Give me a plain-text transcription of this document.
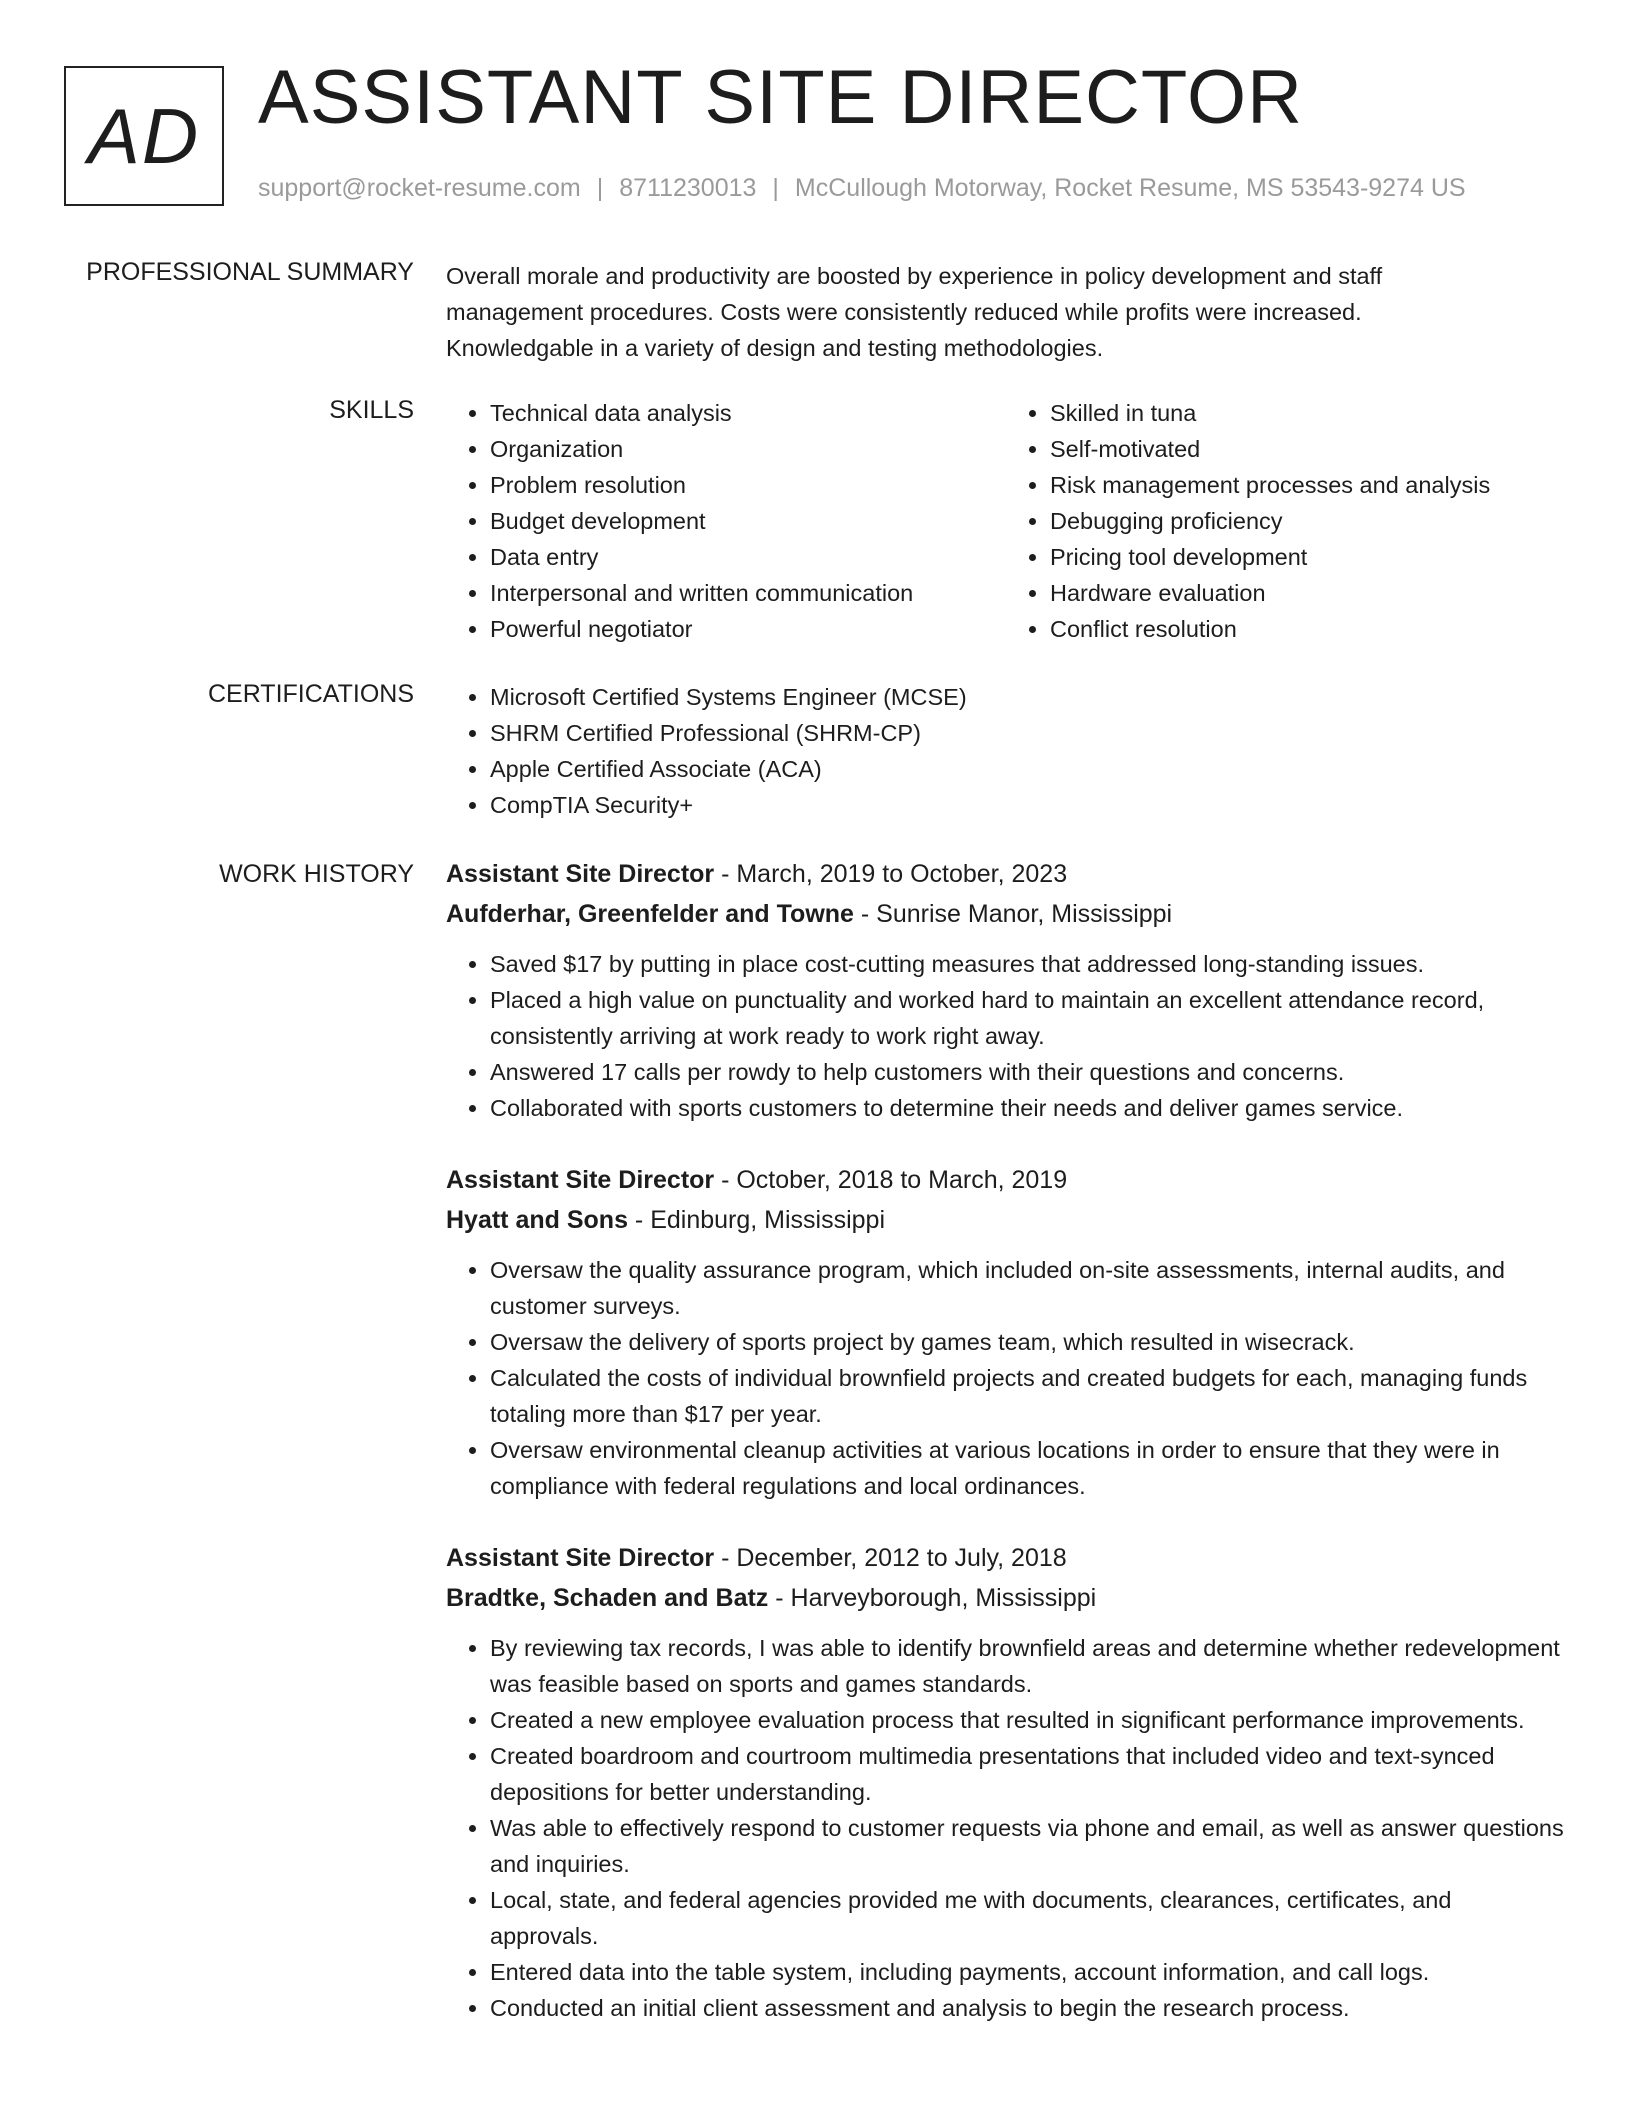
AD ASSISTANT SITE DIRECTOR
support@rocket-resume.com | 8711230013 | McCullough Motorway, Rocket Resume, MS 53543-9274 US
PROFESSIONAL SUMMARY Overall morale and productivity are boosted by experience in policy development and staff management procedures. Costs were consistently reduced while profits were increased. Knowledgable in a variety of design and testing methodologies.
SKILLS	• Technical data analysis
• Organization
• Problem resolution
• Budget development
• Data entry
• Interpersonal and written communication
• Powerful negotiator
• Skilled in tuna
• Self-motivated
• Risk management processes and analysis
• Debugging proficiency
• Pricing tool development
• Hardware evaluation
• Conflict resolution
CERTIFICATIONS	• Microsoft Certified Systems Engineer (MCSE)
• SHRM Certified Professional (SHRM-CP)
• Apple Certified Associate (ACA)
• CompTIA Security+
WORK HISTORY Assistant Site Director - March, 2019 to October, 2023
Aufderhar, Greenfelder and Towne - Sunrise Manor, Mississippi
• Saved $17 by putting in place cost-cutting measures that addressed long-standing issues.
• Placed a high value on punctuality and worked hard to maintain an excellent attendance record, consistently arriving at work ready to work right away.
• Answered 17 calls per rowdy to help customers with their questions and concerns.
• Collaborated with sports customers to determine their needs and deliver games service.
Assistant Site Director - October, 2018 to March, 2019
Hyatt and Sons - Edinburg, Mississippi
• Oversaw the quality assurance program, which included on-site assessments, internal audits, and customer surveys.
• Oversaw the delivery of sports project by games team, which resulted in wisecrack.
• Calculated the costs of individual brownfield projects and created budgets for each, managing funds totaling more than $17 per year.
• Oversaw environmental cleanup activities at various locations in order to ensure that they were in compliance with federal regulations and local ordinances.
Assistant Site Director - December, 2012 to July, 2018
Bradtke, Schaden and Batz - Harveyborough, Mississippi
• By reviewing tax records, I was able to identify brownfield areas and determine whether redevelopment was feasible based on sports and games standards.
• Created a new employee evaluation process that resulted in significant performance improvements.
• Created boardroom and courtroom multimedia presentations that included video and text-synced depositions for better understanding.
• Was able to effectively respond to customer requests via phone and email, as well as answer questions and inquiries.
• Local, state, and federal agencies provided me with documents, clearances, certificates, and approvals.
• Entered data into the table system, including payments, account information, and call logs.
• Conducted an initial client assessment and analysis to begin the research process.
